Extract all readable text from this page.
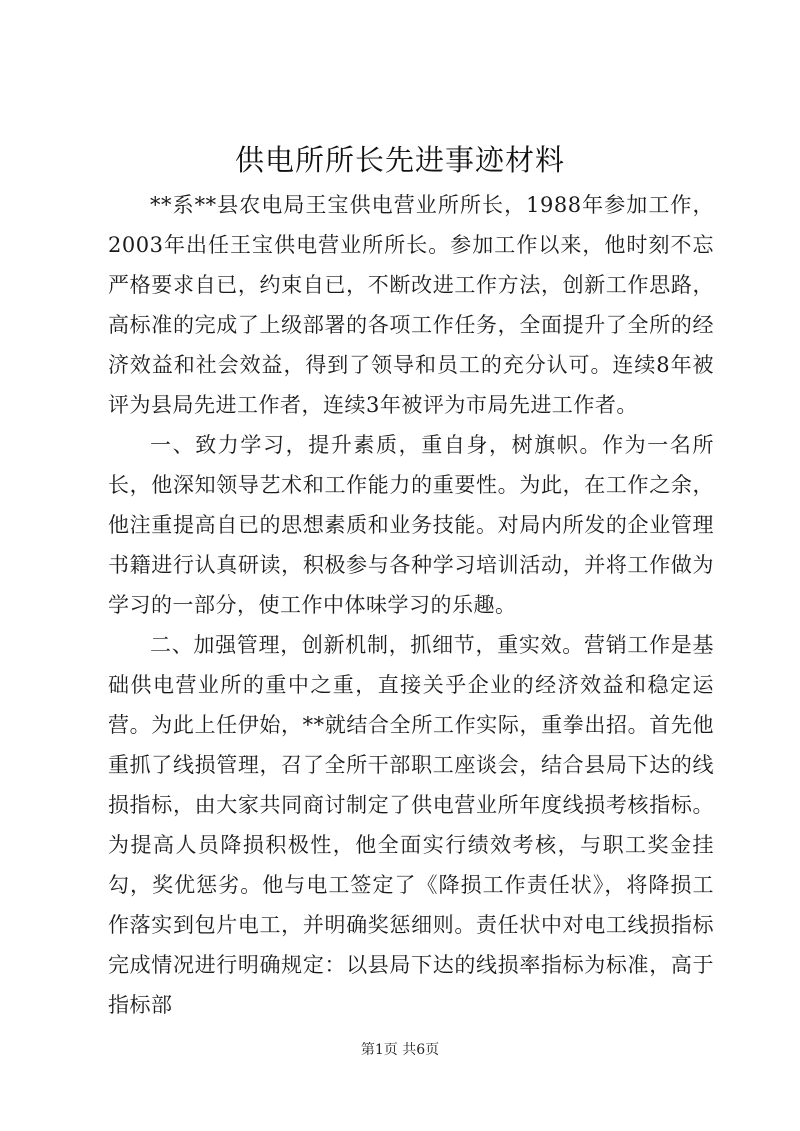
供电所所长先进事迹材料

**系**县农电局王宝供电营业所所长，1988年参加工作，2003年出任王宝供电营业所所长。参加工作以来，他时刻不忘严格要求自已，约束自已，不断改进工作方法，创新工作思路，高标准的完成了上级部署的各项工作任务，全面提升了全所的经济效益和社会效益，得到了领导和员工的充分认可。连续8年被评为县局先进工作者，连续3年被评为市局先进工作者。

一、致力学习，提升素质，重自身，树旗帜。作为一名所长，他深知领导艺术和工作能力的重要性。为此，在工作之余，他注重提高自已的思想素质和业务技能。对局内所发的企业管理书籍进行认真研读，积极参与各种学习培训活动，并将工作做为学习的一部分，使工作中体味学习的乐趣。

二、加强管理，创新机制，抓细节，重实效。营销工作是基础供电营业所的重中之重，直接关乎企业的经济效益和稳定运营。为此上任伊始，**就结合全所工作实际，重拳出招。首先他重抓了线损管理，召了全所干部职工座谈会，结合县局下达的线损指标，由大家共同商讨制定了供电营业所年度线损考核指标。为提高人员降损积极性，他全面实行绩效考核，与职工奖金挂勾，奖优惩劣。他与电工签定了《降损工作责任状》，将降损工作落实到包片电工，并明确奖惩细则。责任状中对电工线损指标完成情况进行明确规定：以县局下达的线损率指标为标准，高于指标部

第1页 共6页
